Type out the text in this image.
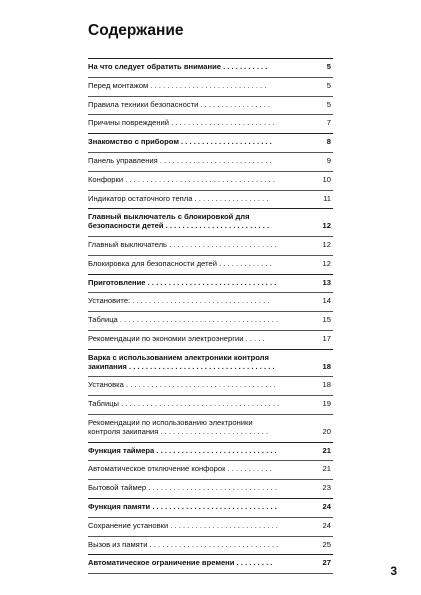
Содержание
На что следует обратить внимание . . . . . . . . . . .	5
Перед монтажом . . . . . . . . . . . . . . . . . . . . . . . . . . . .	5
Правила техники безопасности . . . . . . . . . . . . . . . . .	5
Причины повреждений . . . . . . . . . . . . . . . . . . . . . . . . .	7
Знакомство с прибором . . . . . . . . . . . . . . . . . . . . . .	8
Панель управления . . . . . . . . . . . . . . . . . . . . . . . . . . .	9
Конфорки . . . . . . . . . . . . . . . . . . . . . . . . . . . . . . . . . . . .	10
Индикатор остаточного тепла . . . . . . . . . . . . . . . . . .	11
Главный выключатель с блокировкой для
безопасности детей . . . . . . . . . . . . . . . . . . . . . . . . .	12
Главный выключатель . . . . . . . . . . . . . . . . . . . . . . . . . .	12
Блокировка для безопасности детей . . . . . . . . . . . . .	12
Приготовление . . . . . . . . . . . . . . . . . . . . . . . . . . . . . . .	13
Установите: . . . . . . . . . . . . . . . . . . . . . . . . . . . . . . . . .	14
Таблица . . . . . . . . . . . . . . . . . . . . . . . . . . . . . . . . . . . . . .	15
Рекомендации по экономии электроэнергии . . . . .	17
Варка с использованием электроники контроля
закипания . . . . . . . . . . . . . . . . . . . . . . . . . . . . . . . . . . .	18
Установка . . . . . . . . . . . . . . . . . . . . . . . . . . . . . . . . . . . .	18
Таблицы . . . . . . . . . . . . . . . . . . . . . . . . . . . . . . . . . . . . . .	19
Рекомендации по использованию электроники
контроля закипания . . . . . . . . . . . . . . . . . . . . . . . . . .	20
Функция таймера . . . . . . . . . . . . . . . . . . . . . . . . . . . . .	21
Автоматическое отключение конфорок . . . . . . . . . . .	21
Бытовой таймер . . . . . . . . . . . . . . . . . . . . . . . . . . . . . . .	23
Функция памяти . . . . . . . . . . . . . . . . . . . . . . . . . . . . . .	24
Сохранение установки . . . . . . . . . . . . . . . . . . . . . . . . . .	24
Вызов из памяти . . . . . . . . . . . . . . . . . . . . . . . . . . . . . . .	25
Автоматическое ограничение времени . . . . . . . . .	27
3
